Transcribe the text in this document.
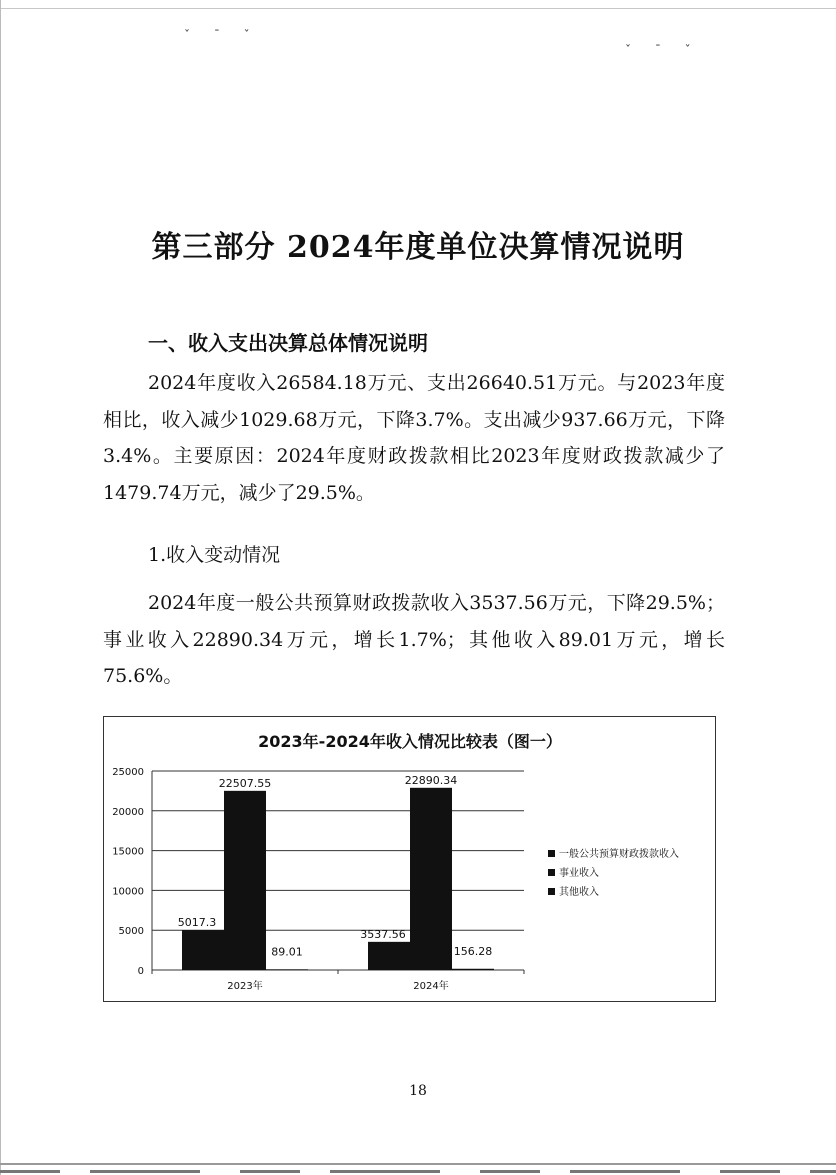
ˇ ˉ ˇ
ˇ ˉ ˇ
第三部分 2024年度单位决算情况说明
一、收入支出决算总体情况说明
2024年度收入26584.18万元、支出26640.51万元。与2023年度相比，收入减少1029.68万元，下降3.7%。支出减少937.66万元，下降3.4%。主要原因：2024年度财政拨款相比2023年度财政拨款减少了1479.74万元，减少了29.5%。
1.收入变动情况
2024年度一般公共预算财政拨款收入3537.56万元，下降29.5%；事业收入22890.34万元，增长1.7%；其他收入89.01万元，增长75.6%。
2023年-2024年收入情况比较表（图一）
0
5000
10000
15000
20000
25000
5017.3
22507.55
89.01
2023年
3537.56
22890.34
156.28
2024年
一般公共预算财政拨款收入
事业收入
其他收入
18
